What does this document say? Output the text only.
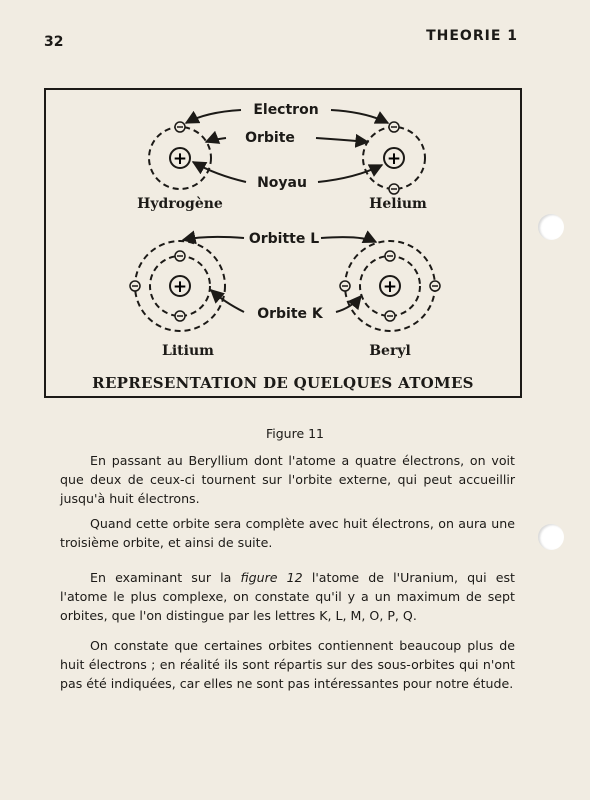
32	THEORIE 1
+
Hydrogène
+
Helium
+
Litium
+
Beryl
Electron
Orbite
Noyau
Orbitte L
Orbite K
REPRESENTATION DE QUELQUES ATOMES
Figure 11

En passant au Beryllium dont l'atome a quatre électrons, on voit que deux de ceux-ci tournent sur l'orbite externe, qui peut accueillir jusqu'à huit électrons.

Quand cette orbite sera complète avec huit électrons, on aura une troisième orbite, et ainsi de suite.

En examinant sur la figure 12 l'atome de l'Uranium, qui est l'atome le plus complexe, on constate qu'il y a un maximum de sept orbites, que l'on distingue par les lettres K, L, M, O, P, Q.

On constate que certaines orbites contiennent beaucoup plus de huit électrons ; en réalité ils sont répartis sur des sous-orbites qui n'ont pas été indiquées, car elles ne sont pas intéressantes pour notre étude.
